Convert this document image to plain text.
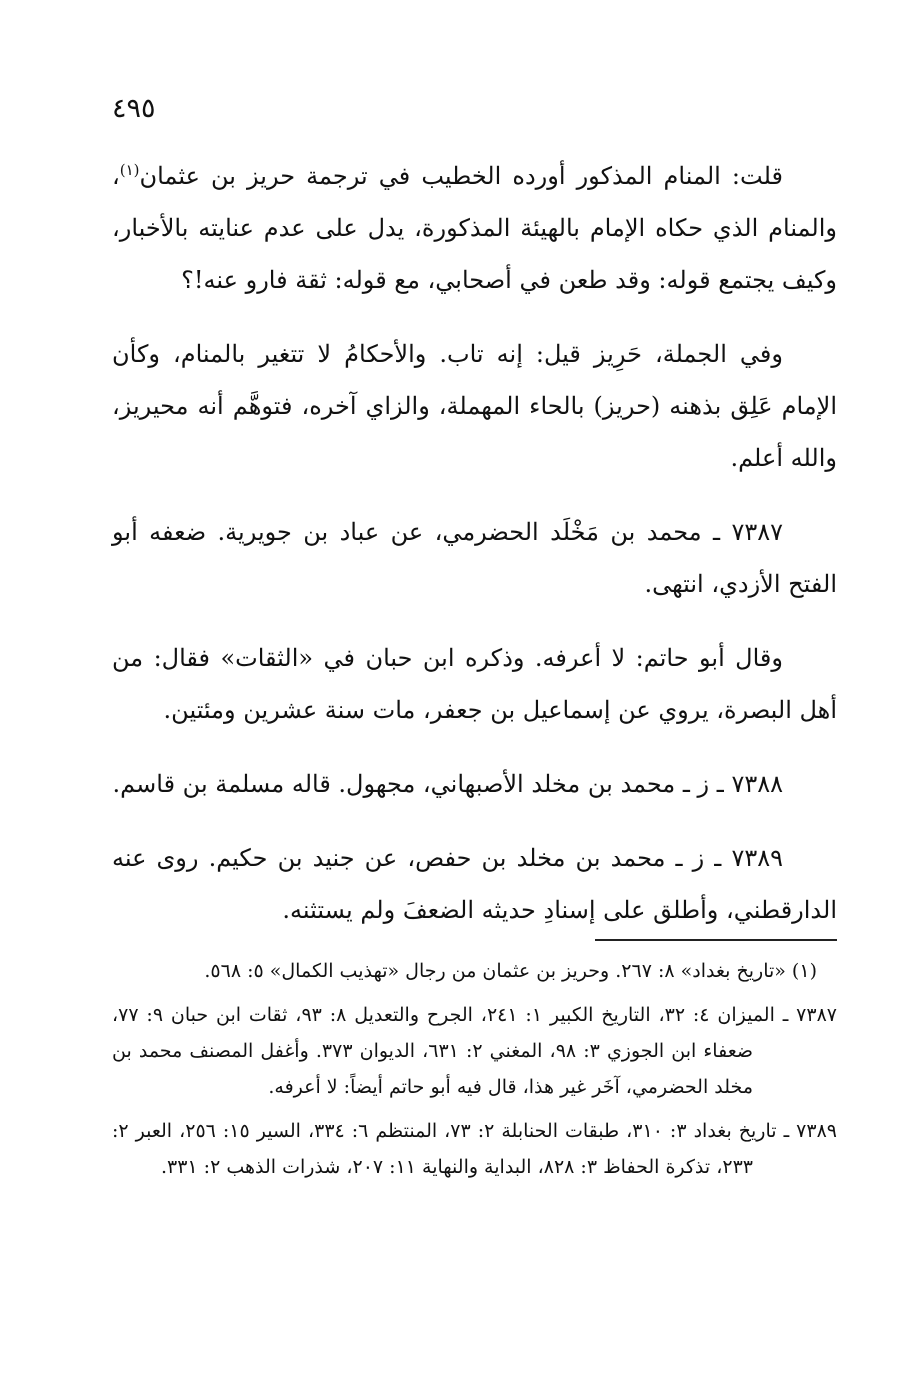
٤٩٥

قلت: المنام المذكور أورده الخطيب في ترجمة حريز بن عثمان$^{(١)}$، والمنام الذي حكاه الإمام بالهيئة المذكورة، يدل على عدم عنايته بالأخبار، وكيف يجتمع قوله: وقد طعن في أصحابي، مع قوله: ثقة فارو عنه!؟

وفي الجملة، حَرِيز قيل: إنه تاب. والأحكامُ لا تتغير بالمنام، وكأن الإمام عَلِق بذهنه (حريز) بالحاء المهملة، والزاي آخره، فتوهَّم أنه محيريز، والله أعلم.

٧٣٨٧ ـ محمد بن مَخْلَد الحضرمي، عن عباد بن جويرية. ضعفه أبو الفتح الأزدي، انتهى.

وقال أبو حاتم: لا أعرفه. وذكره ابن حبان في «الثقات» فقال: من أهل البصرة، يروي عن إسماعيل بن جعفر، مات سنة عشرين ومئتين.

٧٣٨٨ ـ ز ـ محمد بن مخلد الأصبهاني، مجهول. قاله مسلمة بن قاسم.

٧٣٨٩ ـ ز ـ محمد بن مخلد بن حفص، عن جنيد بن حكيم. روى عنه الدارقطني، وأطلق على إسنادِ حديثه الضعفَ ولم يستثنه.

(١) «تاريخ بغداد» ٨: ٢٦٧. وحريز بن عثمان من رجال «تهذيب الكمال» ٥: ٥٦٨.

٧٣٨٧ ـ الميزان ٤: ٣٢، التاريخ الكبير ١: ٢٤١، الجرح والتعديل ٨: ٩٣، ثقات ابن حبان ٩: ٧٧، ضعفاء ابن الجوزي ٣: ٩٨، المغني ٢: ٦٣١، الديوان ٣٧٣. وأغفل المصنف محمد بن مخلد الحضرمي، آخَر غير هذا، قال فيه أبو حاتم أيضاً: لا أعرفه.

٧٣٨٩ ـ تاريخ بغداد ٣: ٣١٠، طبقات الحنابلة ٢: ٧٣، المنتظم ٦: ٣٣٤، السير ١٥: ٢٥٦، العبر ٢: ٢٣٣، تذكرة الحفاظ ٣: ٨٢٨، البداية والنهاية ١١: ٢٠٧، شذرات الذهب ٢: ٣٣١.
